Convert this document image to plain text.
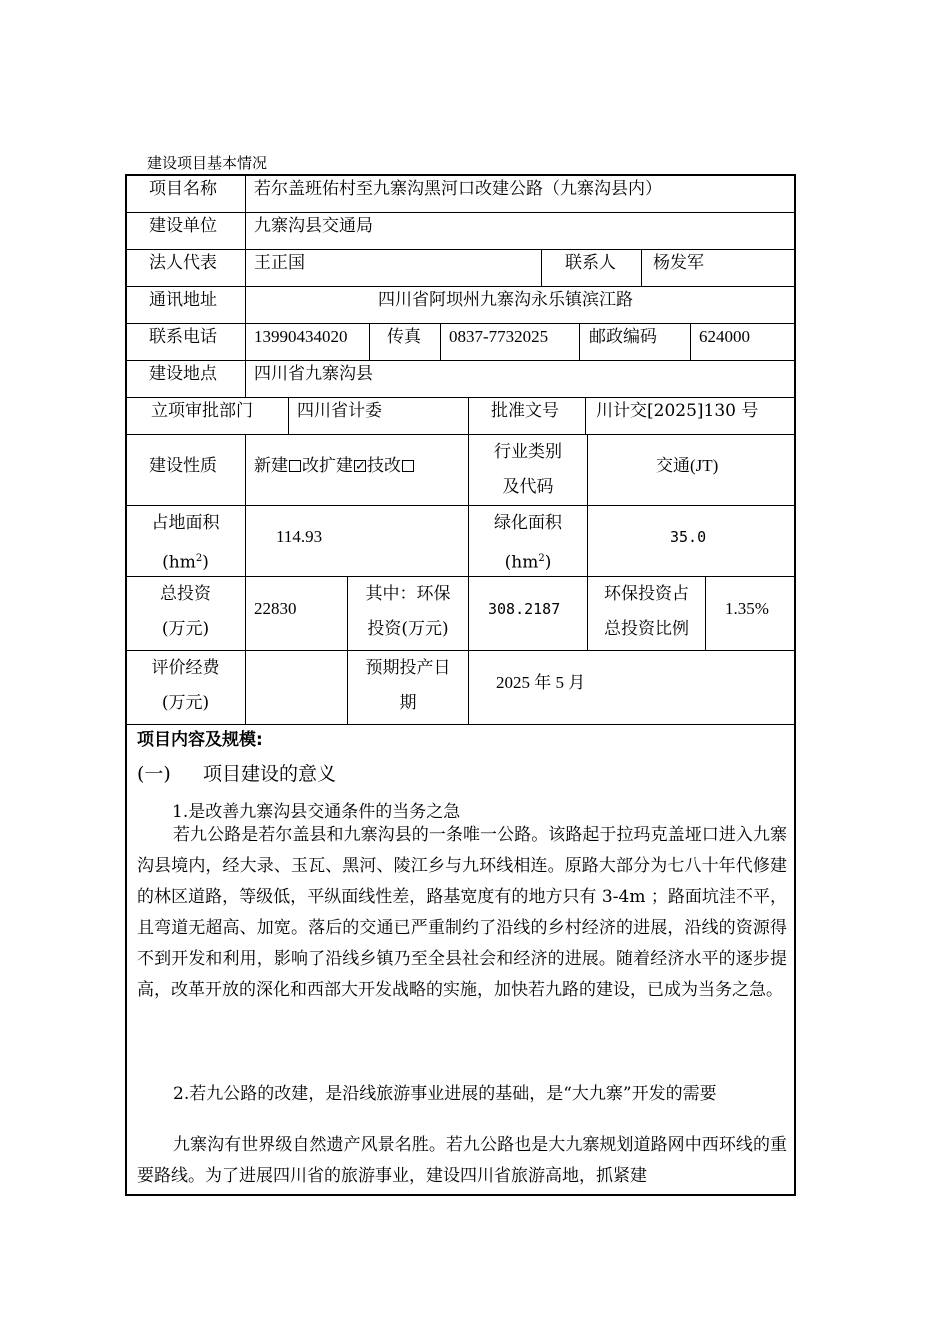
建设项目基本情况
项目名称 若尔盖班佑村至九寨沟黑河口改建公路（九寨沟县内）
建设单位 九寨沟县交通局
法人代表 王正国	联系人 杨发军
通讯地址	四川省阿坝州九寨沟永乐镇滨江路
联系电话 13990434020 传真 0837-7732025 邮政编码 624000
建设地点 四川省九寨沟县
立项审批部门	四川省计委	批准文号 川计交[2025]130 号
建设性质 新建 改扩建✓ 技改
行业类别
及代码
交通(JT)
占地面积
$(hm^2)$
114.93
绿化面积
$(hm^2)$
35.0
总投资
(万元)
22830
其中：环保
投资(万元)
308.2187
环保投资占
总投资比例
1.35%
评价经费
(万元)
预期投产日
期
2025 年 5 月
项目内容及规模:
(一) 项目建设的意义
1.是改善九寨沟县交通条件的当务之急
若九公路是若尔盖县和九寨沟县的一条唯一公路。该路起于拉玛克盖垭口进入九寨沟县境内，经大录、玉瓦、黑河、陵江乡与九环线相连。原路大部分为七八十年代修建的林区道路，等级低，平纵面线性差，路基宽度有的地方只有 3-4m ；路面坑洼不平，且弯道无超高、加宽。落后的交通已严重制约了沿线的乡村经济的进展，沿线的资源得不到开发和利用，影响了沿线乡镇乃至全县社会和经济的进展。随着经济水平的逐步提高，改革开放的深化和西部大开发战略的实施，加快若九路的建设，已成为当务之急。
2.若九公路的改建，是沿线旅游事业进展的基础，是“大九寨”开发的需要
九寨沟有世界级自然遗产风景名胜。若九公路也是大九寨规划道路网中西环线的重要路线。为了进展四川省的旅游事业，建设四川省旅游高地，抓紧建
